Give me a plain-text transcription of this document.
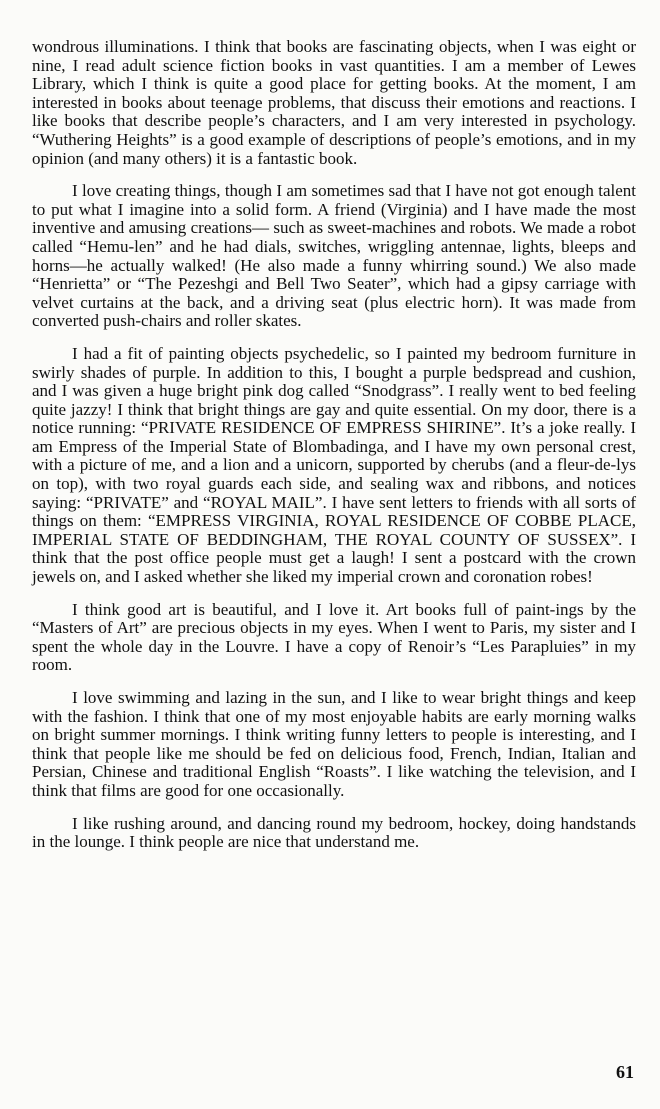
wondrous illuminations. I think that books are fascinating objects, when I was eight or nine, I read adult science fiction books in vast quantities. I am a member of Lewes Library, which I think is quite a good place for getting books. At the moment, I am interested in books about teenage problems, that discuss their emotions and reactions. I like books that describe people’s characters, and I am very interested in psychology. “Wuthering Heights” is a good example of descriptions of people’s emotions, and in my opinion (and many others) it is a fantastic book.

I love creating things, though I am sometimes sad that I have not got enough talent to put what I imagine into a solid form. A friend (Virginia) and I have made the most inventive and amusing creations— such as sweet-machines and robots. We made a robot called “Hemu-len” and he had dials, switches, wriggling antennae, lights, bleeps and horns—he actually walked! (He also made a funny whirring sound.) We also made “Henrietta” or “The Pezeshgi and Bell Two Seater”, which had a gipsy carriage with velvet curtains at the back, and a driving seat (plus electric horn). It was made from converted push-chairs and roller skates.

I had a fit of painting objects psychedelic, so I painted my bedroom furniture in swirly shades of purple. In addition to this, I bought a purple bedspread and cushion, and I was given a huge bright pink dog called “Snodgrass”. I really went to bed feeling quite jazzy! I think that bright things are gay and quite essential. On my door, there is a notice running: “PRIVATE RESIDENCE OF EMPRESS SHIRINE”. It’s a joke really. I am Empress of the Imperial State of Blombadinga, and I have my own personal crest, with a picture of me, and a lion and a unicorn, supported by cherubs (and a fleur-de-lys on top), with two royal guards each side, and sealing wax and ribbons, and notices saying: “PRIVATE” and “ROYAL MAIL”. I have sent letters to friends with all sorts of things on them: “EMPRESS VIRGINIA, ROYAL RESIDENCE OF COBBE PLACE, IMPERIAL STATE OF BEDDINGHAM, THE ROYAL COUNTY OF SUSSEX”. I think that the post office people must get a laugh! I sent a postcard with the crown jewels on, and I asked whether she liked my imperial crown and coronation robes!

I think good art is beautiful, and I love it. Art books full of paint-ings by the “Masters of Art” are precious objects in my eyes. When I went to Paris, my sister and I spent the whole day in the Louvre. I have a copy of Renoir’s “Les Parapluies” in my room.

I love swimming and lazing in the sun, and I like to wear bright things and keep with the fashion. I think that one of my most enjoyable habits are early morning walks on bright summer mornings. I think writing funny letters to people is interesting, and I think that people like me should be fed on delicious food, French, Indian, Italian and Persian, Chinese and traditional English “Roasts”. I like watching the television, and I think that films are good for one occasionally.

I like rushing around, and dancing round my bedroom, hockey, doing handstands in the lounge. I think people are nice that understand me.

61
